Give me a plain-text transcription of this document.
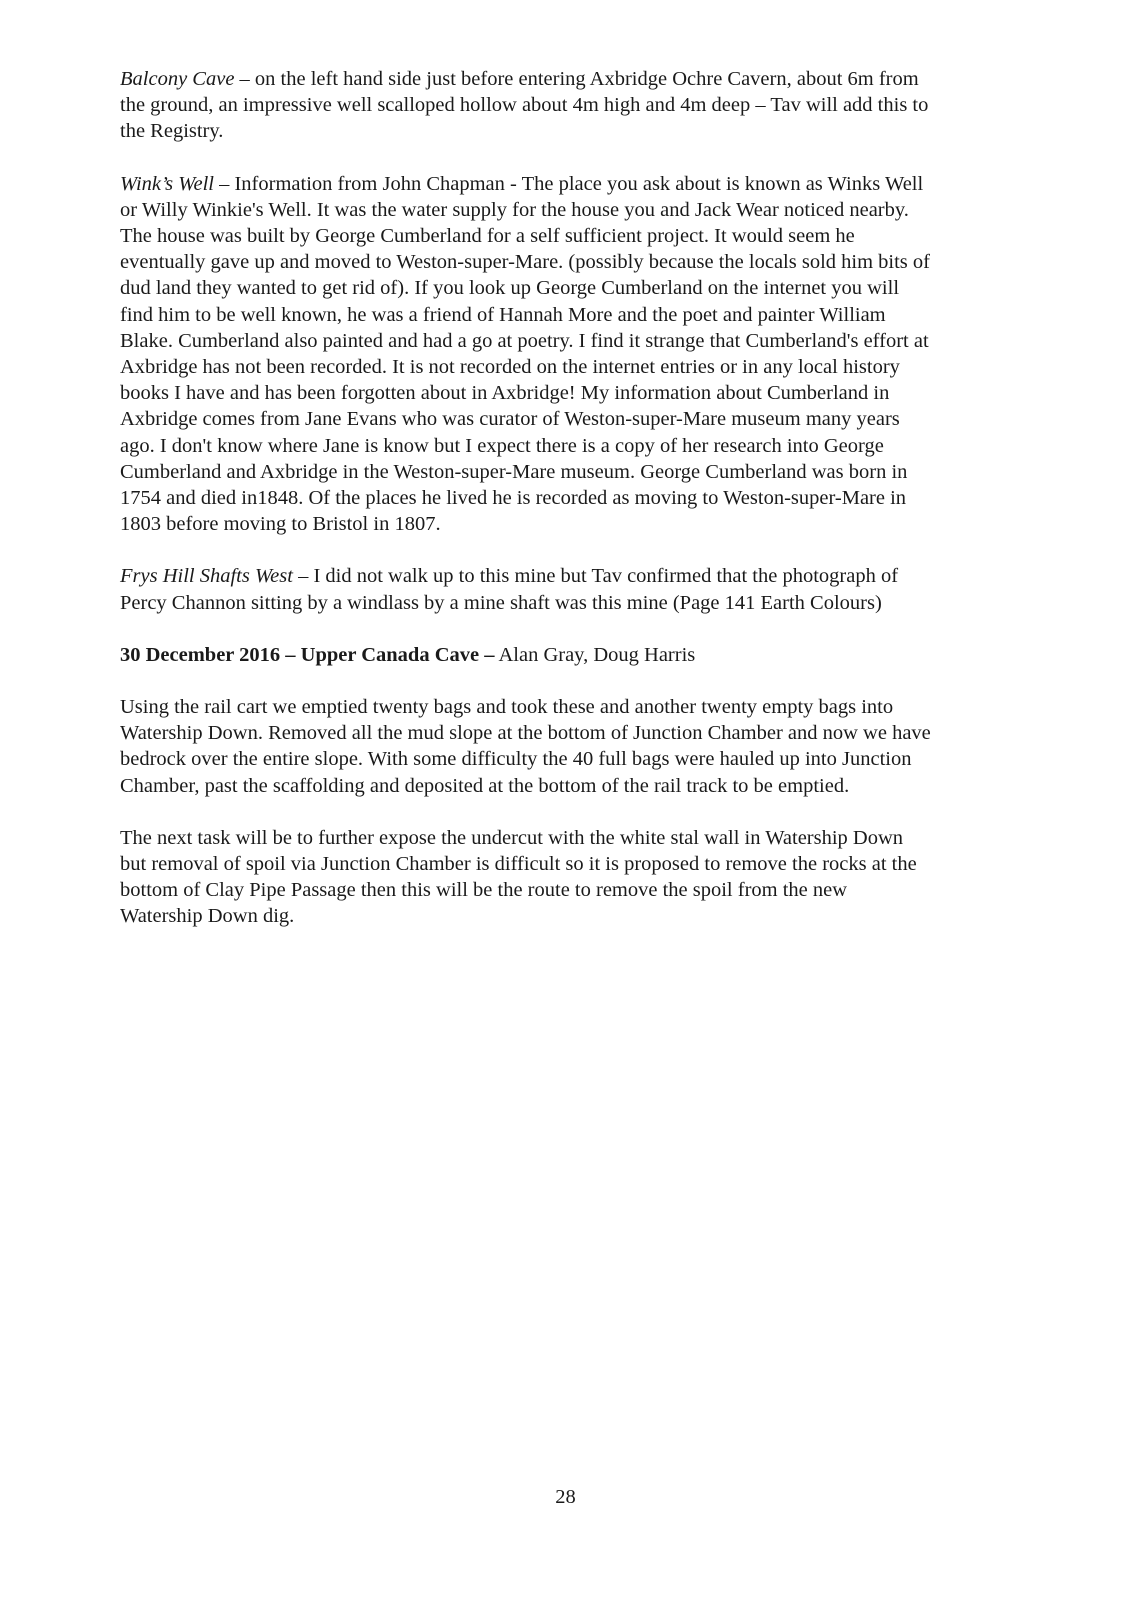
Balcony Cave – on the left hand side just before entering Axbridge Ochre Cavern, about 6m from
the ground, an impressive well scalloped hollow about 4m high and 4m deep – Tav will add this to
the Registry.

Wink’s Well – Information from John Chapman - The place you ask about is known as Winks Well
or Willy Winkie's Well. It was the water supply for the house you and Jack Wear noticed nearby.
The house was built by George Cumberland for a self sufficient project. It would seem he
eventually gave up and moved to Weston-super-Mare. (possibly because the locals sold him bits of
dud land they wanted to get rid of). If you look up George Cumberland on the internet you will
find him to be well known, he was a friend of Hannah More and the poet and painter William
Blake. Cumberland also painted and had a go at poetry. I find it strange that Cumberland's effort at
Axbridge has not been recorded. It is not recorded on the internet entries or in any local history
books I have and has been forgotten about in Axbridge! My information about Cumberland in
Axbridge comes from Jane Evans who was curator of Weston-super-Mare museum many years
ago. I don't know where Jane is know but I expect there is a copy of her research into George
Cumberland and Axbridge in the Weston-super-Mare museum. George Cumberland was born in
1754 and died in1848. Of the places he lived he is recorded as moving to Weston-super-Mare in
1803 before moving to Bristol in 1807.

Frys Hill Shafts West – I did not walk up to this mine but Tav confirmed that the photograph of
Percy Channon sitting by a windlass by a mine shaft was this mine (Page 141 Earth Colours)

30 December 2016 – Upper Canada Cave – Alan Gray, Doug Harris

Using the rail cart we emptied twenty bags and took these and another twenty empty bags into
Watership Down. Removed all the mud slope at the bottom of Junction Chamber and now we have
bedrock over the entire slope. With some difficulty the 40 full bags were hauled up into Junction
Chamber, past the scaffolding and deposited at the bottom of the rail track to be emptied.

The next task will be to further expose the undercut with the white stal wall in Watership Down
but removal of spoil via Junction Chamber is difficult so it is proposed to remove the rocks at the
bottom of Clay Pipe Passage then this will be the route to remove the spoil from the new
Watership Down dig.

28
